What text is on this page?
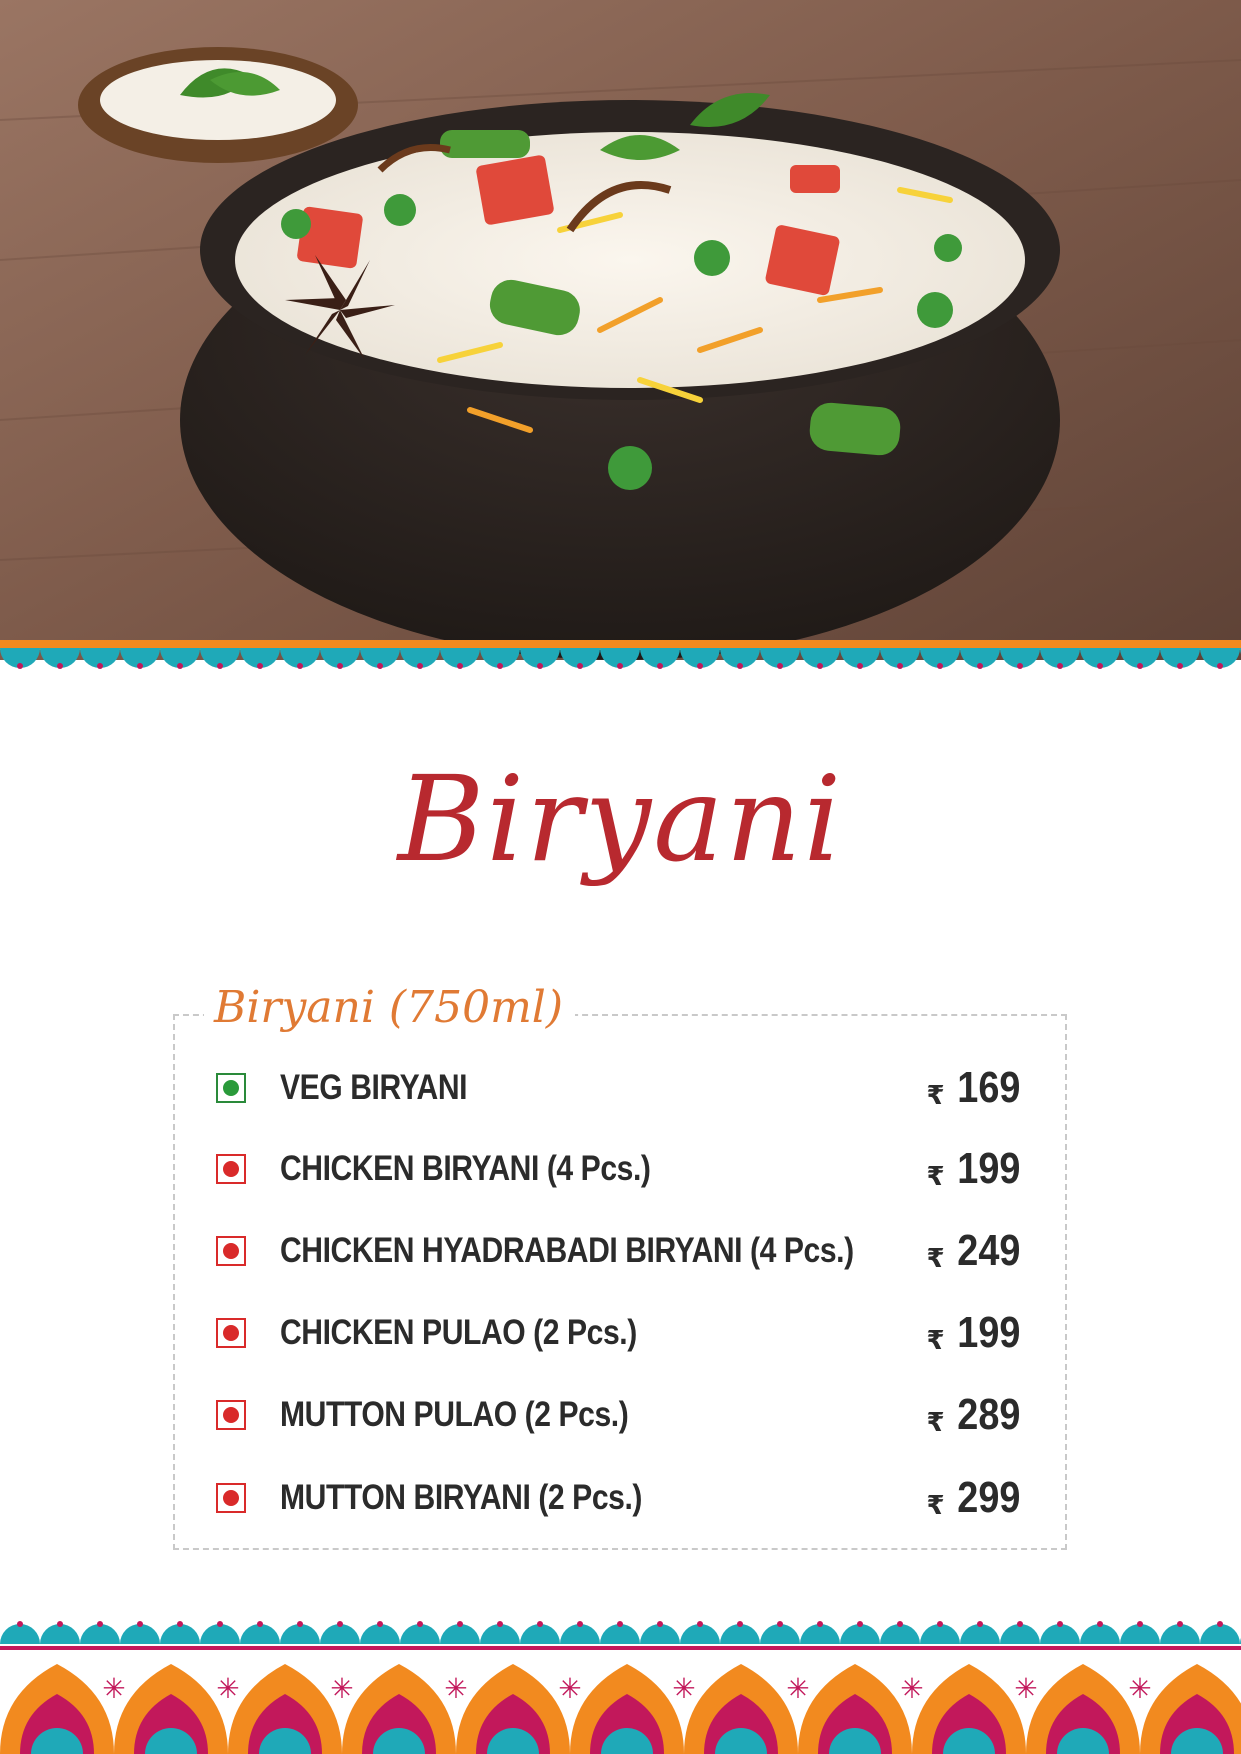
Biryani
Biryani (750ml)
VEG BIRYANI	₹ 169
CHICKEN BIRYANI (4 Pcs.)	₹ 199
CHICKEN HYADRABADI BIRYANI (4 Pcs.)	₹ 249
CHICKEN PULAO (2 Pcs.)	₹ 199
MUTTON PULAO (2 Pcs.)	₹ 289
MUTTON BIRYANI (2 Pcs.)	₹ 299
✳	✳	✳	✳	✳	✳	✳	✳	✳	✳
